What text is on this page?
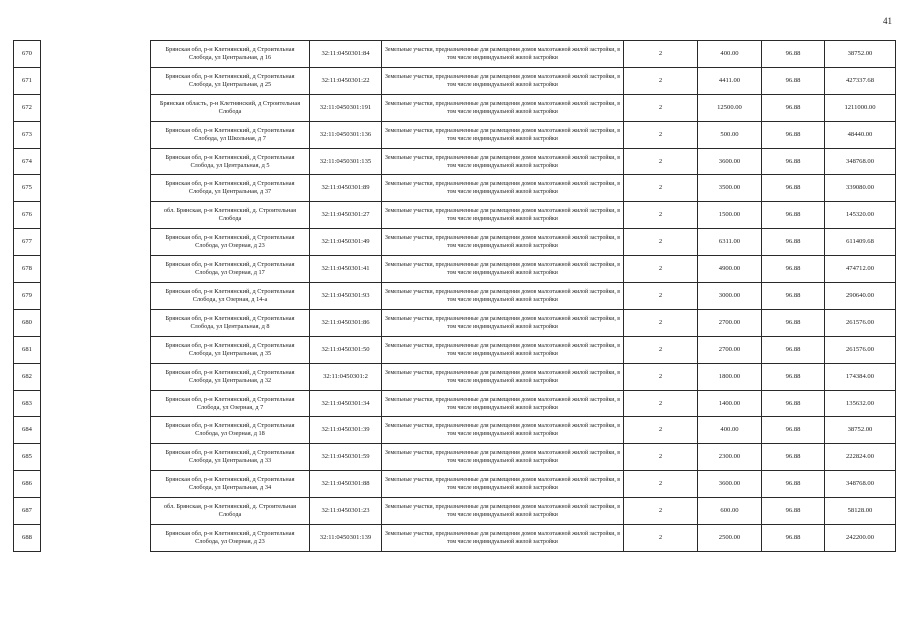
41
670		Брянская обл, р-н Клетнянский, д Строительная Слобода, ул Центральная, д 16	32:11:0450301:84	Земельные участки, предназначенные для размещения домов малоэтажной жилой застройки, в том числе индивидуальной жилой застройки	2	400.00	96.88	38752.00
671		Брянская обл, р-н Клетнянский, д Строительная Слобода, ул Центральная, д 25	32:11:0450301:22	Земельные участки, предназначенные для размещения домов малоэтажной жилой застройки, в том числе индивидуальной жилой застройки	2	4411.00	96.88	427337.68
672		Брянская область, р-н Клетнянский, д Строительная Слобода	32:11:0450301:191	Земельные участки, предназначенные для размещения домов малоэтажной жилой застройки, в том числе индивидуальной жилой застройки	2	12500.00	96.88	1211000.00
673		Брянская обл, р-н Клетнянский, д Строительная Слобода, ул Школьная, д 7	32:11:0450301:136	Земельные участки, предназначенные для размещения домов малоэтажной жилой застройки, в том числе индивидуальной жилой застройки	2	500.00	96.88	48440.00
674		Брянская обл, р-н Клетнянский, д Строительная Слобода, ул Центральная, д 5	32:11:0450301:135	Земельные участки, предназначенные для размещения домов малоэтажной жилой застройки, в том числе индивидуальной жилой застройки	2	3600.00	96.88	348768.00
675		Брянская обл, р-н Клетнянский, д Строительная Слобода, ул Центральная, д 37	32:11:0450301:89	Земельные участки, предназначенные для размещения домов малоэтажной жилой застройки, в том числе индивидуальной жилой застройки	2	3500.00	96.88	339080.00
676		обл. Брянская, р-н Клетнянский, д. Строительная Слобода	32:11:0450301:27	Земельные участки, предназначенные для размещения домов малоэтажной жилой застройки, в том числе индивидуальной жилой застройки	2	1500.00	96.88	145320.00
677		Брянская обл, р-н Клетнянский, д Строительная Слобода, ул Озерная, д 23	32:11:0450301:49	Земельные участки, предназначенные для размещения домов малоэтажной жилой застройки, в том числе индивидуальной жилой застройки	2	6311.00	96.88	611409.68
678		Брянская обл, р-н Клетнянский, д Строительная Слобода, ул Озерная, д 17	32:11:0450301:41	Земельные участки, предназначенные для размещения домов малоэтажной жилой застройки, в том числе индивидуальной жилой застройки	2	4900.00	96.88	474712.00
679		Брянская обл, р-н Клетнянский, д Строительная Слобода, ул Озерная, д 14-а	32:11:0450301:93	Земельные участки, предназначенные для размещения домов малоэтажной жилой застройки, в том числе индивидуальной жилой застройки	2	3000.00	96.88	290640.00
680		Брянская обл, р-н Клетнянский, д Строительная Слобода, ул Центральная, д 8	32:11:0450301:86	Земельные участки, предназначенные для размещения домов малоэтажной жилой застройки, в том числе индивидуальной жилой застройки	2	2700.00	96.88	261576.00
681		Брянская обл, р-н Клетнянский, д Строительная Слобода, ул Центральная, д 35	32:11:0450301:50	Земельные участки, предназначенные для размещения домов малоэтажной жилой застройки, в том числе индивидуальной жилой застройки	2	2700.00	96.88	261576.00
682		Брянская обл, р-н Клетнянский, д Строительная Слобода, ул Центральная, д 32	32:11:0450301:2	Земельные участки, предназначенные для размещения домов малоэтажной жилой застройки, в том числе индивидуальной жилой застройки	2	1800.00	96.88	174384.00
683		Брянская обл, р-н Клетнянский, д Строительная Слобода, ул Озерная, д 7	32:11:0450301:34	Земельные участки, предназначенные для размещения домов малоэтажной жилой застройки, в том числе индивидуальной жилой застройки	2	1400.00	96.88	135632.00
684		Брянская обл, р-н Клетнянский, д Строительная Слобода, ул Озерная, д 18	32:11:0450301:39	Земельные участки, предназначенные для размещения домов малоэтажной жилой застройки, в том числе индивидуальной жилой застройки	2	400.00	96.88	38752.00
685		Брянская обл, р-н Клетнянский, д Строительная Слобода, ул Центральная, д 33	32:11:0450301:59	Земельные участки, предназначенные для размещения домов малоэтажной жилой застройки, в том числе индивидуальной жилой застройки	2	2300.00	96.88	222824.00
686		Брянская обл, р-н Клетнянский, д Строительная Слобода, ул Центральная, д 34	32:11:0450301:88	Земельные участки, предназначенные для размещения домов малоэтажной жилой застройки, в том числе индивидуальной жилой застройки	2	3600.00	96.88	348768.00
687		обл. Брянская, р-н Клетнянский, д. Строительная Слобода	32:11:0450301:23	Земельные участки, предназначенные для размещения домов малоэтажной жилой застройки, в том числе индивидуальной жилой застройки	2	600.00	96.88	58128.00
688		Брянская обл, р-н Клетнянский, д Строительная Слобода, ул Озерная, д 23	32:11:0450301:139	Земельные участки, предназначенные для размещения домов малоэтажной жилой застройки, в том числе индивидуальной жилой застройки	2	2500.00	96.88	242200.00
